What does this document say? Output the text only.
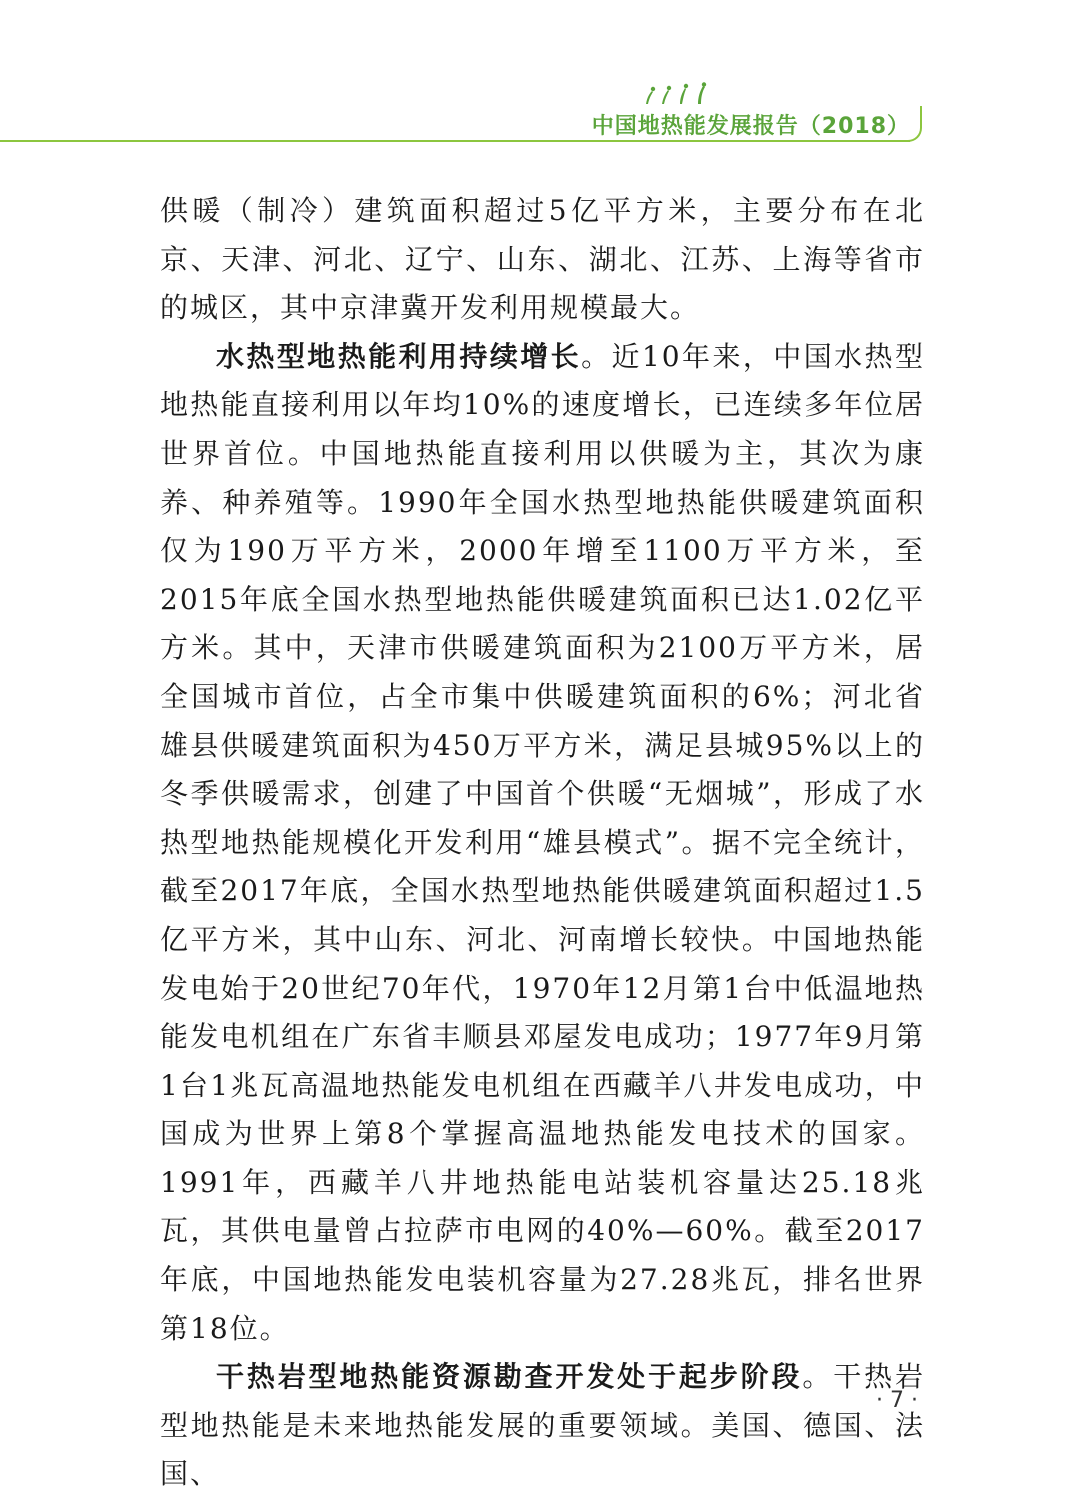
中国地热能发展报告（2018）

供暖（制冷）建筑面积超过5亿平方米，主要分布在北京、天津、河北、辽宁、山东、湖北、江苏、上海等省市的城区，其中京津冀开发利用规模最大。

水热型地热能利用持续增长。近10年来，中国水热型地热能直接利用以年均10%的速度增长，已连续多年位居世界首位。中国地热能直接利用以供暖为主，其次为康养、种养殖等。1990年全国水热型地热能供暖建筑面积仅为190万平方米，2000年增至1100万平方米，至2015年底全国水热型地热能供暖建筑面积已达1.02亿平方米。其中，天津市供暖建筑面积为2100万平方米，居全国城市首位，占全市集中供暖建筑面积的6%；河北省雄县供暖建筑面积为450万平方米，满足县城95%以上的冬季供暖需求，创建了中国首个供暖“无烟城”，形成了水热型地热能规模化开发利用“雄县模式”。据不完全统计，截至2017年底，全国水热型地热能供暖建筑面积超过1.5亿平方米，其中山东、河北、河南增长较快。中国地热能发电始于20世纪70年代，1970年12月第1台中低温地热能发电机组在广东省丰顺县邓屋发电成功；1977年9月第1台1兆瓦高温地热能发电机组在西藏羊八井发电成功，中国成为世界上第8个掌握高温地热能发电技术的国家。1991年，西藏羊八井地热能电站装机容量达25.18兆瓦，其供电量曾占拉萨市电网的40%—60%。截至2017年底，中国地热能发电装机容量为27.28兆瓦，排名世界第18位。

干热岩型地热能资源勘查开发处于起步阶段。干热岩型地热能是未来地热能发展的重要领域。美国、德国、法国、

· 7 ·
